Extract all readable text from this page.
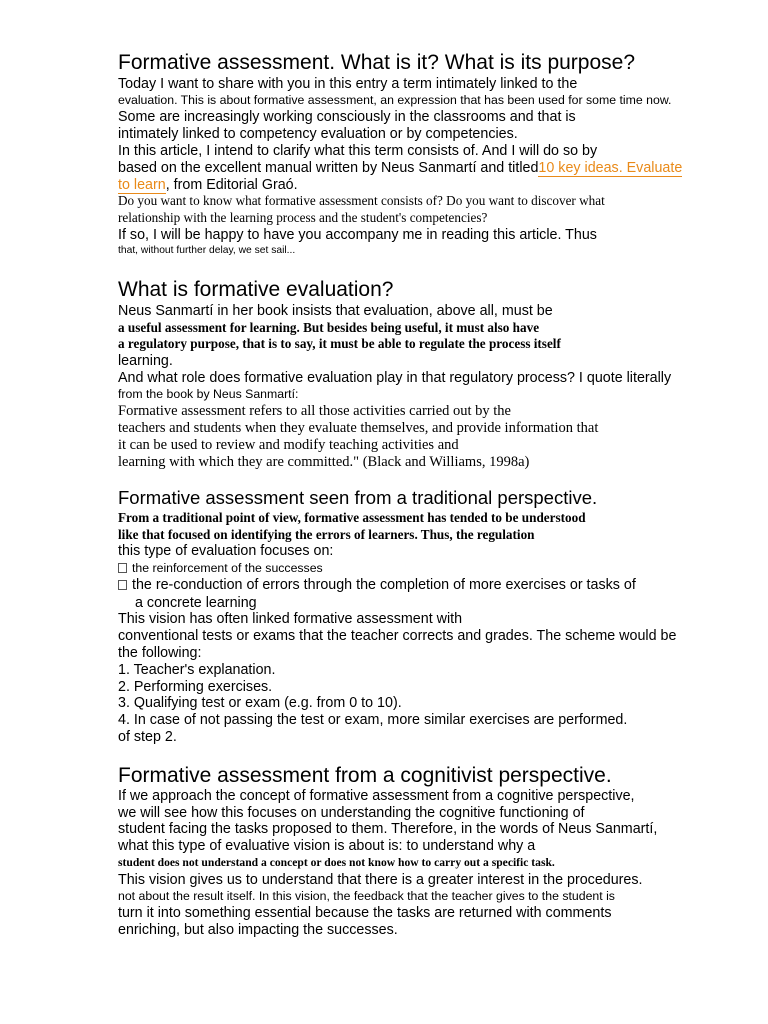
Formative assessment. What is it? What is its purpose?
Today I want to share with you in this entry a term intimately linked to the
evaluation. This is about formative assessment, an expression that has been used for some time now.
Some are increasingly working consciously in the classrooms and that is
intimately linked to competency evaluation or by competencies.
In this article, I intend to clarify what this term consists of. And I will do so by
based on the excellent manual written by Neus Sanmartí and titled10 key ideas. Evaluate
to learn, from Editorial Graó.
Do you want to know what formative assessment consists of? Do you want to discover what
relationship with the learning process and the student's competencies?
If so, I will be happy to have you accompany me in reading this article. Thus
that, without further delay, we set sail...
What is formative evaluation?
Neus Sanmartí in her book insists that evaluation, above all, must be
a useful assessment for learning. But besides being useful, it must also have
a regulatory purpose, that is to say, it must be able to regulate the process itself
learning.
And what role does formative evaluation play in that regulatory process? I quote literally
from the book by Neus Sanmartí:
Formative assessment refers to all those activities carried out by the
teachers and students when they evaluate themselves, and provide information that
it can be used to review and modify teaching activities and
learning with which they are committed." (Black and Williams, 1998a)
Formative assessment seen from a traditional perspective.
From a traditional point of view, formative assessment has tended to be understood
like that focused on identifying the errors of learners. Thus, the regulation
this type of evaluation focuses on:
the reinforcement of the successes
the re-conduction of errors through the completion of more exercises or tasks of
a concrete learning
This vision has often linked formative assessment with
conventional tests or exams that the teacher corrects and grades. The scheme would be
the following:
1. Teacher's explanation.
2. Performing exercises.
3. Qualifying test or exam (e.g. from 0 to 10).
4. In case of not passing the test or exam, more similar exercises are performed.
of step 2.
Formative assessment from a cognitivist perspective.
If we approach the concept of formative assessment from a cognitive perspective,
we will see how this focuses on understanding the cognitive functioning of
student facing the tasks proposed to them. Therefore, in the words of Neus Sanmartí,
what this type of evaluative vision is about is: to understand why a
student does not understand a concept or does not know how to carry out a specific task.
This vision gives us to understand that there is a greater interest in the procedures.
not about the result itself. In this vision, the feedback that the teacher gives to the student is
turn it into something essential because the tasks are returned with comments
enriching, but also impacting the successes.
